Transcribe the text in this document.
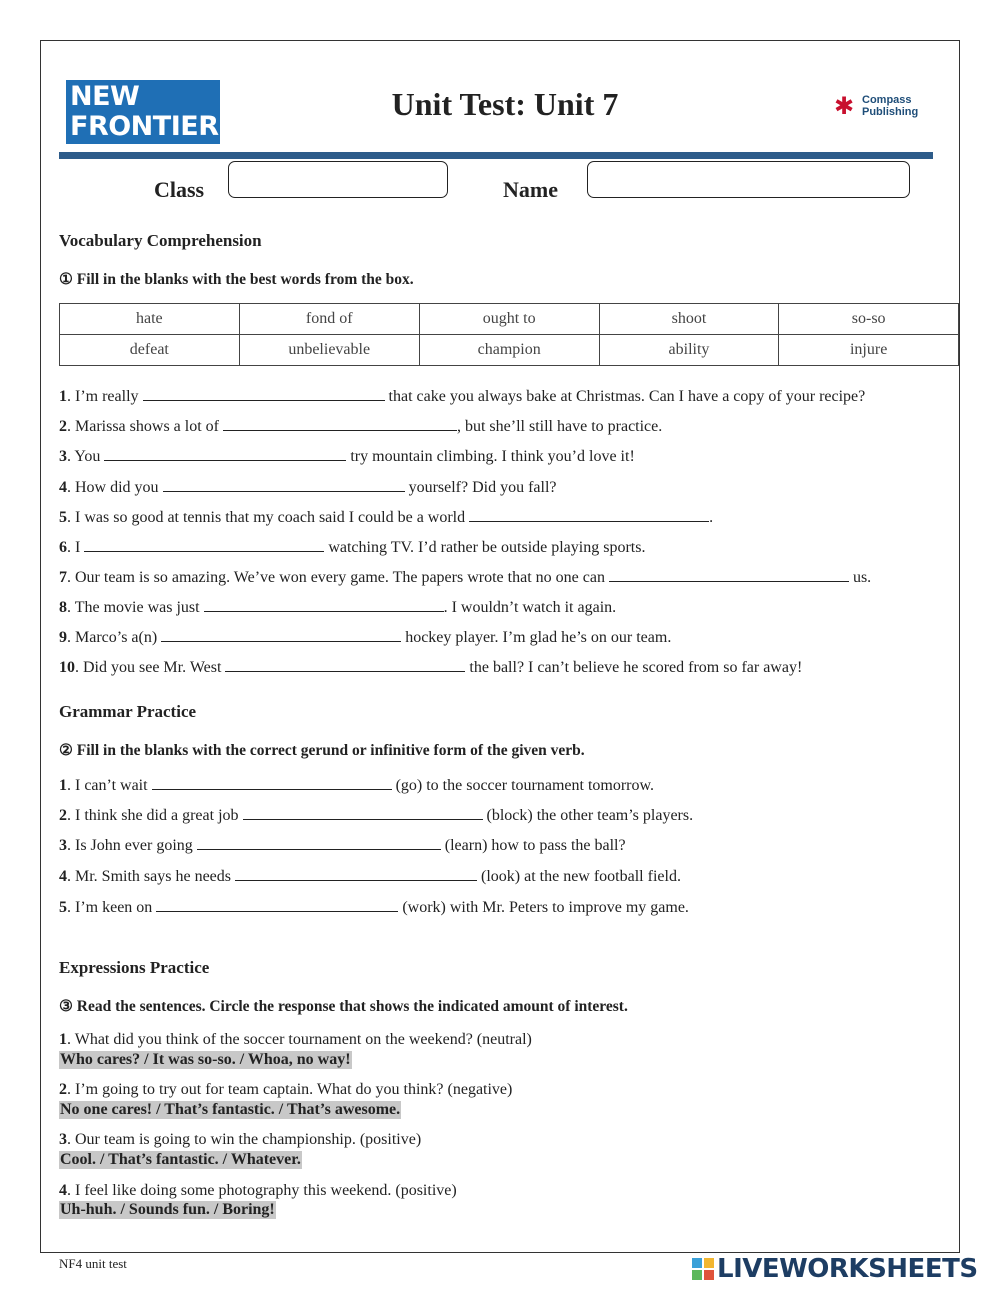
NEW
FRONTIERS
Unit Test: Unit 7	✱ Compass
Publishing
Class	Name
Vocabulary Comprehension
① Fill in the blanks with the best words from the box.
hate	fond of	ought to	shoot	so-so
defeat	unbelievable	champion	ability	injure
1. I’m really	that cake you always bake at Christmas. Can I have a copy of your recipe?
2. Marissa shows a lot of	, but she’ll still have to practice.
3. You	try mountain climbing. I think you’d love it!
4. How did you	yourself? Did you fall?
5. I was so good at tennis that my coach said I could be a world	.
6. I	watching TV. I’d rather be outside playing sports.
7. Our team is so amazing. We’ve won every game. The papers wrote that no one can	us.
8. The movie was just	. I wouldn’t watch it again.
9. Marco’s a(n)	hockey player. I’m glad he’s on our team.
10. Did you see Mr. West	the ball? I can’t believe he scored from so far away!
Grammar Practice
② Fill in the blanks with the correct gerund or infinitive form of the given verb.
1. I can’t wait	(go) to the soccer tournament tomorrow.
2. I think she did a great job	(block) the other team’s players.
3. Is John ever going	(learn) how to pass the ball?
4. Mr. Smith says he needs	(look) at the new football field.
5. I’m keen on	(work) with Mr. Peters to improve my game.
Expressions Practice
③ Read the sentences. Circle the response that shows the indicated amount of interest.
1. What did you think of the soccer tournament on the weekend? (neutral)
Who cares? / It was so-so. / Whoa, no way!
2. I’m going to try out for team captain. What do you think? (negative)
No one cares! / That’s fantastic. / That’s awesome.
3. Our team is going to win the championship. (positive)
Cool. / That’s fantastic. / Whatever.
4. I feel like doing some photography this weekend. (positive)
Uh-huh. / Sounds fun. / Boring!
NF4 unit test	LIVEWORKSHEETS
